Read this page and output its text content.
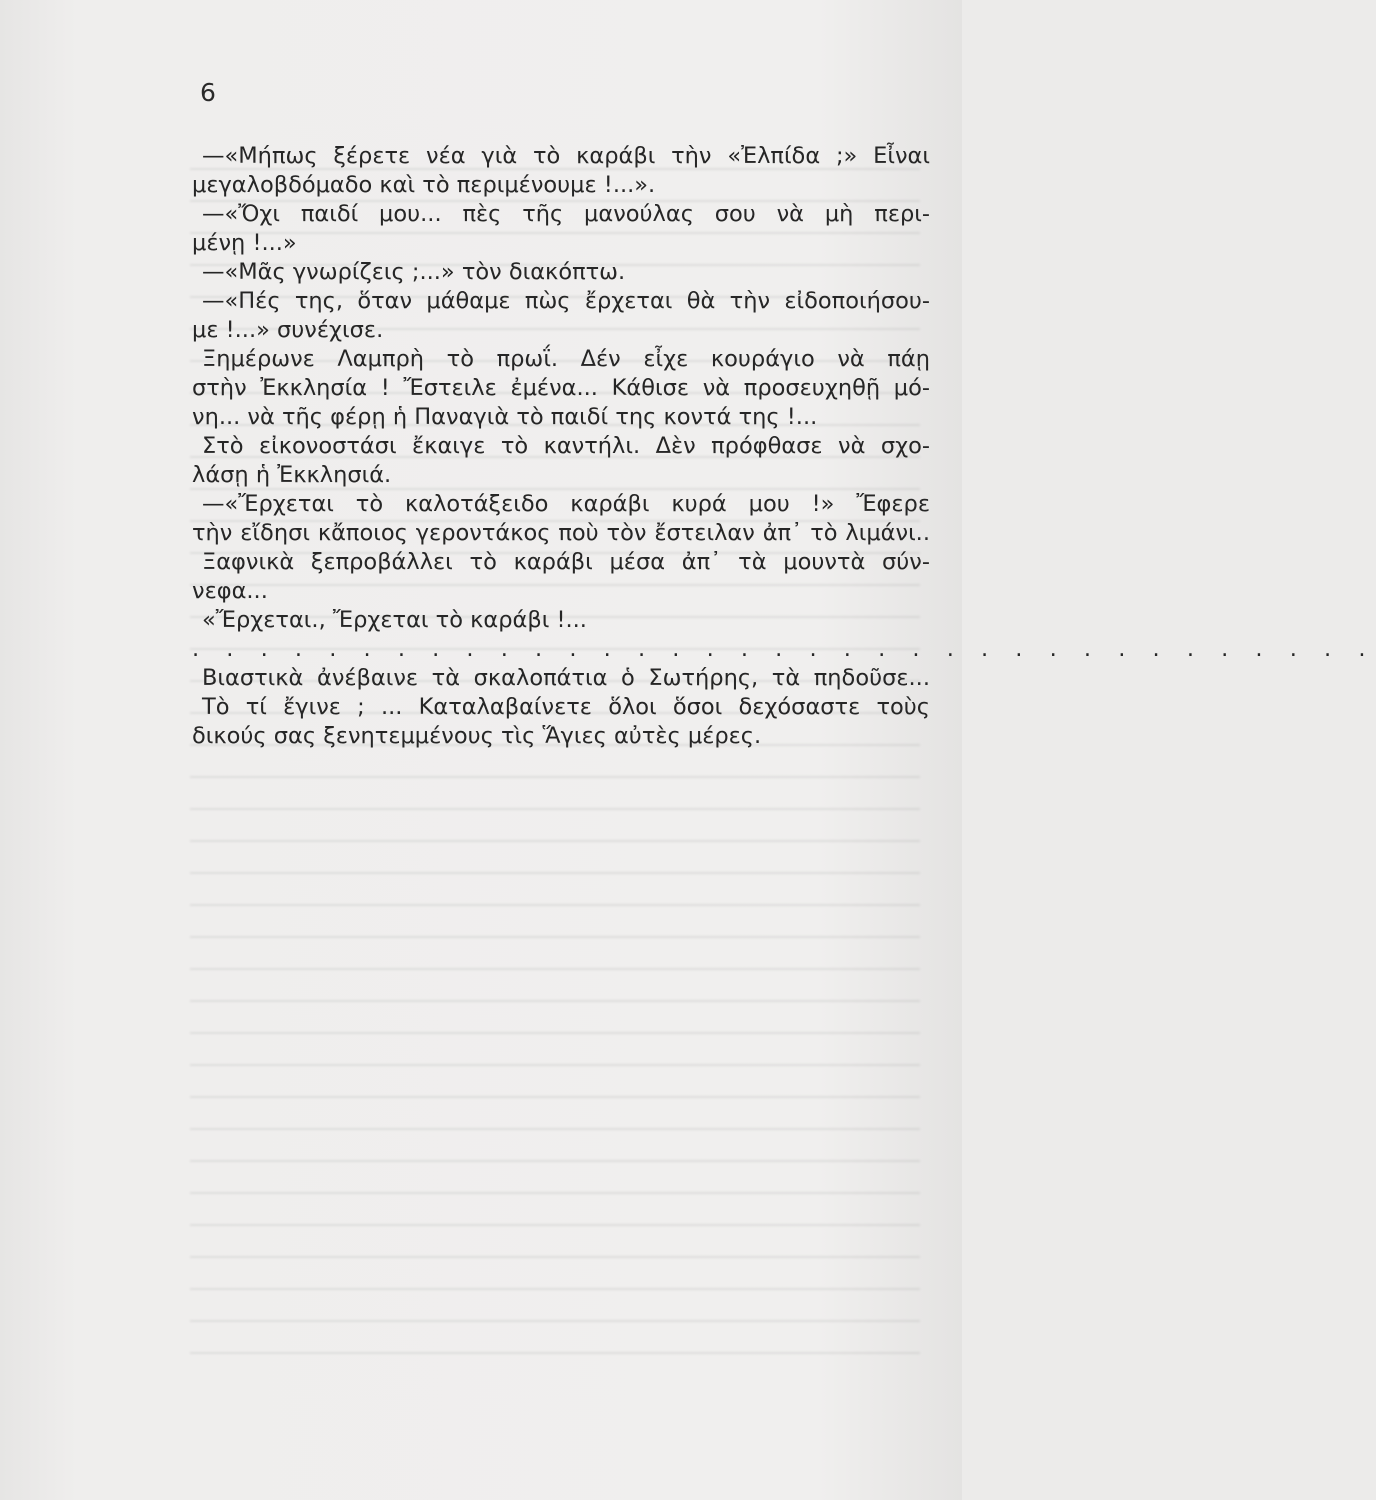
6
—«Μήπως ξέρετε νέα γιὰ τὸ καράβι τὴν «Ἐλπίδα ;» Εἶναι
μεγαλοβδόμαδο καὶ τὸ περιμένουμε !...».
—«Ὄχι παιδί μου... πὲς τῆς μανούλας σου νὰ μὴ περι-
μένῃ !...»
—«Μᾶς γνωρίζεις ;...» τὸν διακόπτω.
—«Πές της, ὅταν μάθαμε πὼς ἔρχεται θὰ τὴν εἰδοποιήσου-
με !...» συνέχισε.
Ξημέρωνε Λαμπρὴ τὸ πρωΐ. Δέν εἶχε κουράγιο νὰ πάῃ
στὴν Ἐκκλησία ! Ἔστειλε ἐμένα... Κάθισε νὰ προσευχηθῇ μό-
νη... νὰ τῆς φέρῃ ἡ Παναγιὰ τὸ παιδί της κοντά της !...
Στὸ εἰκονοστάσι ἔκαιγε τὸ καντήλι. Δὲν πρόφθασε νὰ σχο-
λάσῃ ἡ Ἐκκλησιά.
—«Ἔρχεται τὸ καλοτάξειδο καράβι κυρά μου !» Ἔφερε
τὴν εἴδησι κἄποιος γεροντάκος ποὺ τὸν ἔστειλαν ἀπ᾿ τὸ λιμάνι..
Ξαφνικὰ ξεπροβάλλει τὸ καράβι μέσα ἀπ᾿ τὰ μουντὰ σύν-
νεφα...
«Ἔρχεται., Ἔρχεται τὸ καράβι !...
. . . . . . . . . . . . . . . . . . . . . . . . . . . . . . . . . . .
Βιαστικὰ ἀνέβαινε τὰ σκαλοπάτια ὁ Σωτήρης, τὰ πηδοῦσε...
Τὸ τί ἔγινε ; ... Καταλαβαίνετε ὅλοι ὅσοι δεχόσαστε τοὺς
δικούς σας ξενητεμμένους τὶς Ἅγιες αὐτὲς μέρες.
